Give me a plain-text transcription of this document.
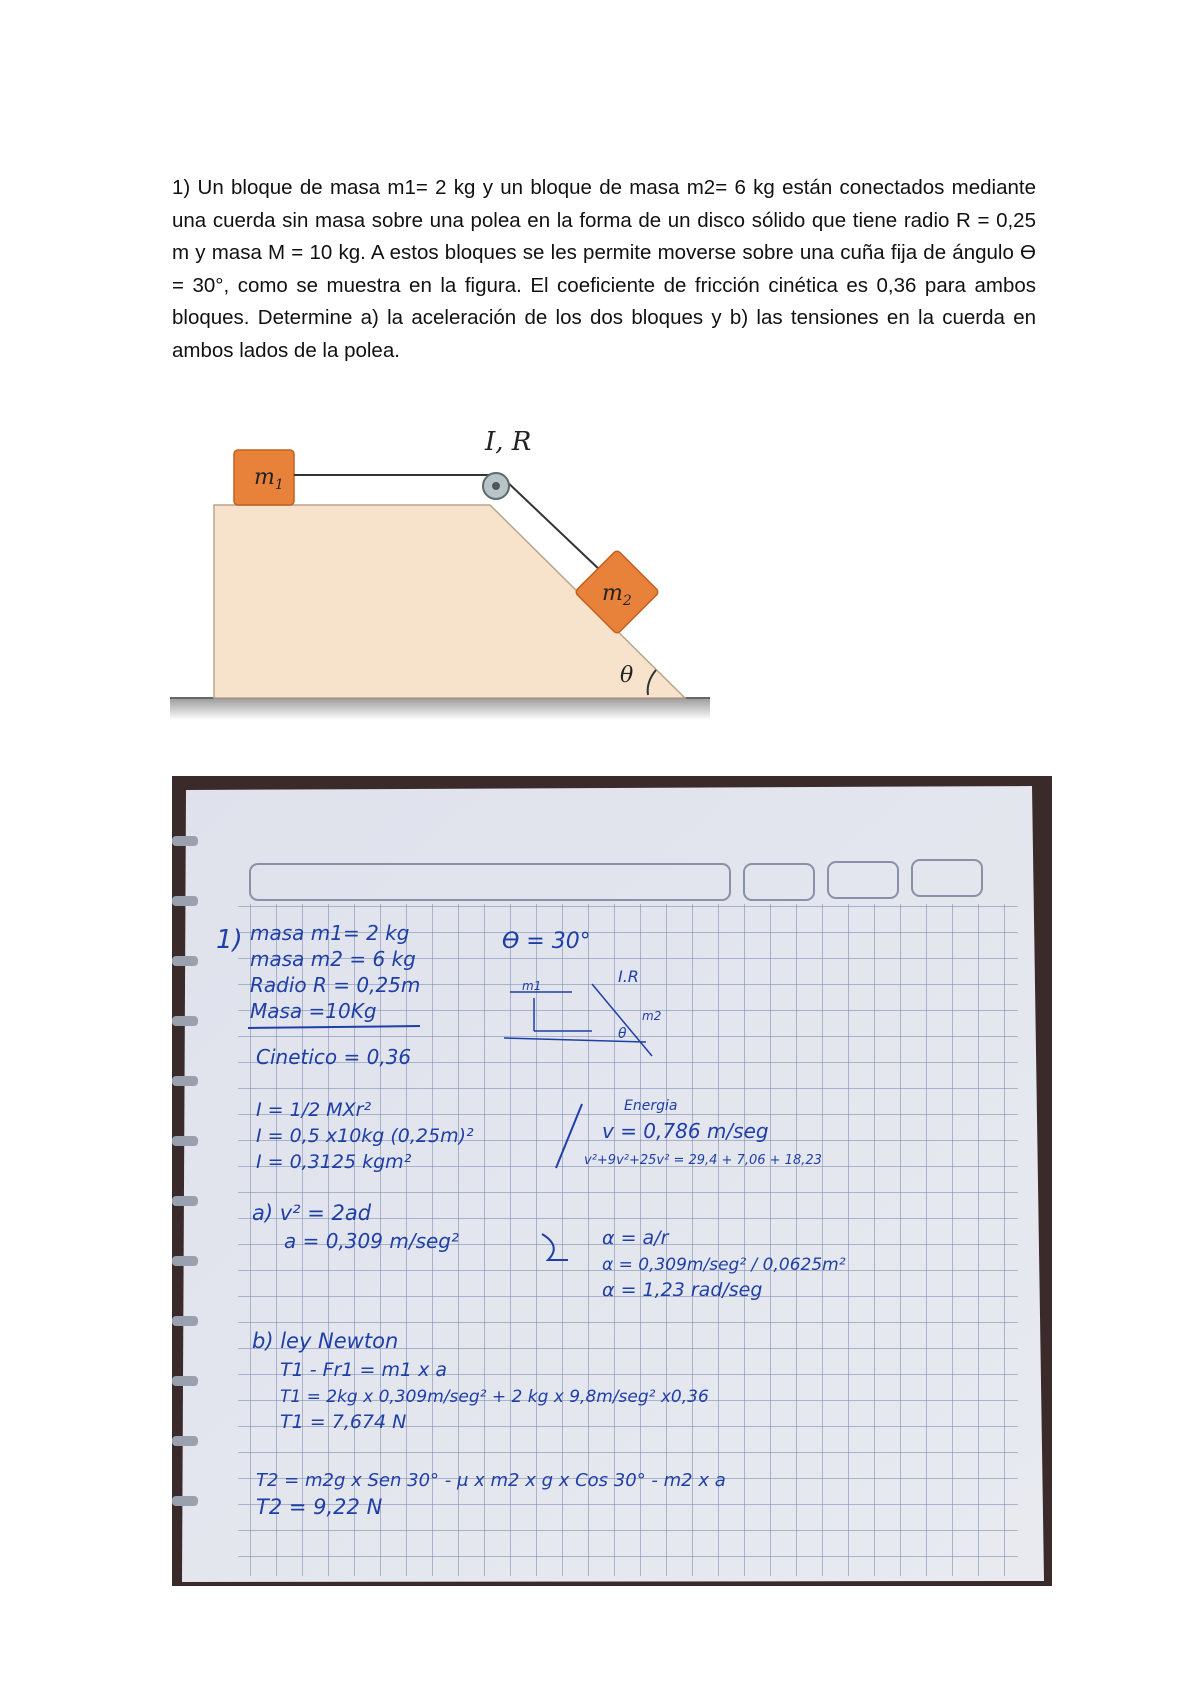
1) Un bloque de masa m1= 2 kg y un bloque de masa m2= 6 kg están conectados mediante una cuerda sin masa sobre una polea en la forma de un disco sólido que tiene radio R = 0,25 m y masa M = 10 kg. A estos bloques se les permite moverse sobre una cuña fija de ángulo Ɵ = 30°, como se muestra en la figura. El coeficiente de fricción cinética es 0,36 para ambos bloques. Determine a) la aceleración de los dos bloques y b) las tensiones en la cuerda en ambos lados de la polea.

$m_1$
I, R
$m_2$
θ
1) masa m1= 2 kg
masa m2 = 6 kg
Radio R = 0,25m
Masa =10Kg
Cinetico = 0,36
Ɵ = 30°
m1	I.R
m2
θ
I = 1/2 MXr²
I = 0,5 x10kg (0,25m)²
I = 0,3125 kgm²
Energia
v = 0,786 m/seg
v²+9v²+25v² = 29,4 + 7,06 + 18,23
a) v² = 2ad
a = 0,309 m/seg²	α = a/r
α = 0,309m/seg² / 0,0625m²
α = 1,23 rad/seg
b) ley Newton
T1 - Fr1 = m1 x a
T1 = 2kg x 0,309m/seg² + 2 kg x 9,8m/seg² x0,36
T1 = 7,674 N
T2 = m2g x Sen 30° - μ x m2 x g x Cos 30° - m2 x a
T2 = 9,22 N
